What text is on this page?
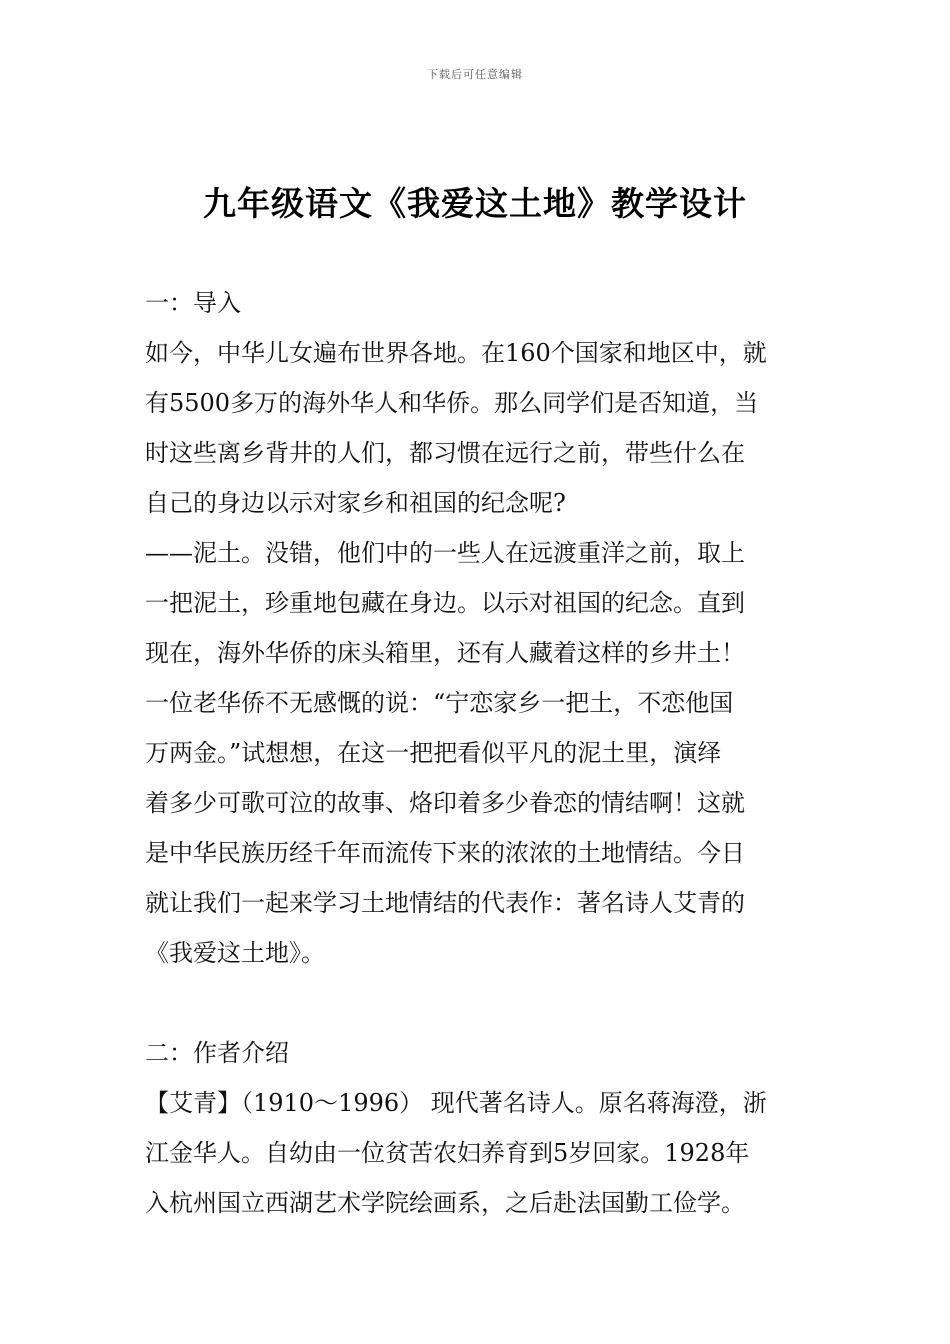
下载后可任意编辑
九年级语文《我爱这土地》教学设计
一：导入
如今，中华儿女遍布世界各地。在160个国家和地区中，就
有5500多万的海外华人和华侨。那么同学们是否知道，当
时这些离乡背井的人们，都习惯在远行之前，带些什么在
自己的身边以示对家乡和祖国的纪念呢?
——泥土。没错，他们中的一些人在远渡重洋之前，取上
一把泥土，珍重地包藏在身边。以示对祖国的纪念。直到
现在，海外华侨的床头箱里，还有人藏着这样的乡井土！
一位老华侨不无感慨的说：“宁恋家乡一把土，不恋他国
万两金。”试想想，在这一把把看似平凡的泥土里，演绎
着多少可歌可泣的故事、烙印着多少眷恋的情结啊！这就
是中华民族历经千年而流传下来的浓浓的土地情结。今日
就让我们一起来学习土地情结的代表作：著名诗人艾青的
《我爱这土地》。
二：作者介绍
【艾青】（1910～1996） 现代著名诗人。原名蒋海澄，浙
江金华人。自幼由一位贫苦农妇养育到5岁回家。1928年
入杭州国立西湖艺术学院绘画系，之后赴法国勤工俭学。
